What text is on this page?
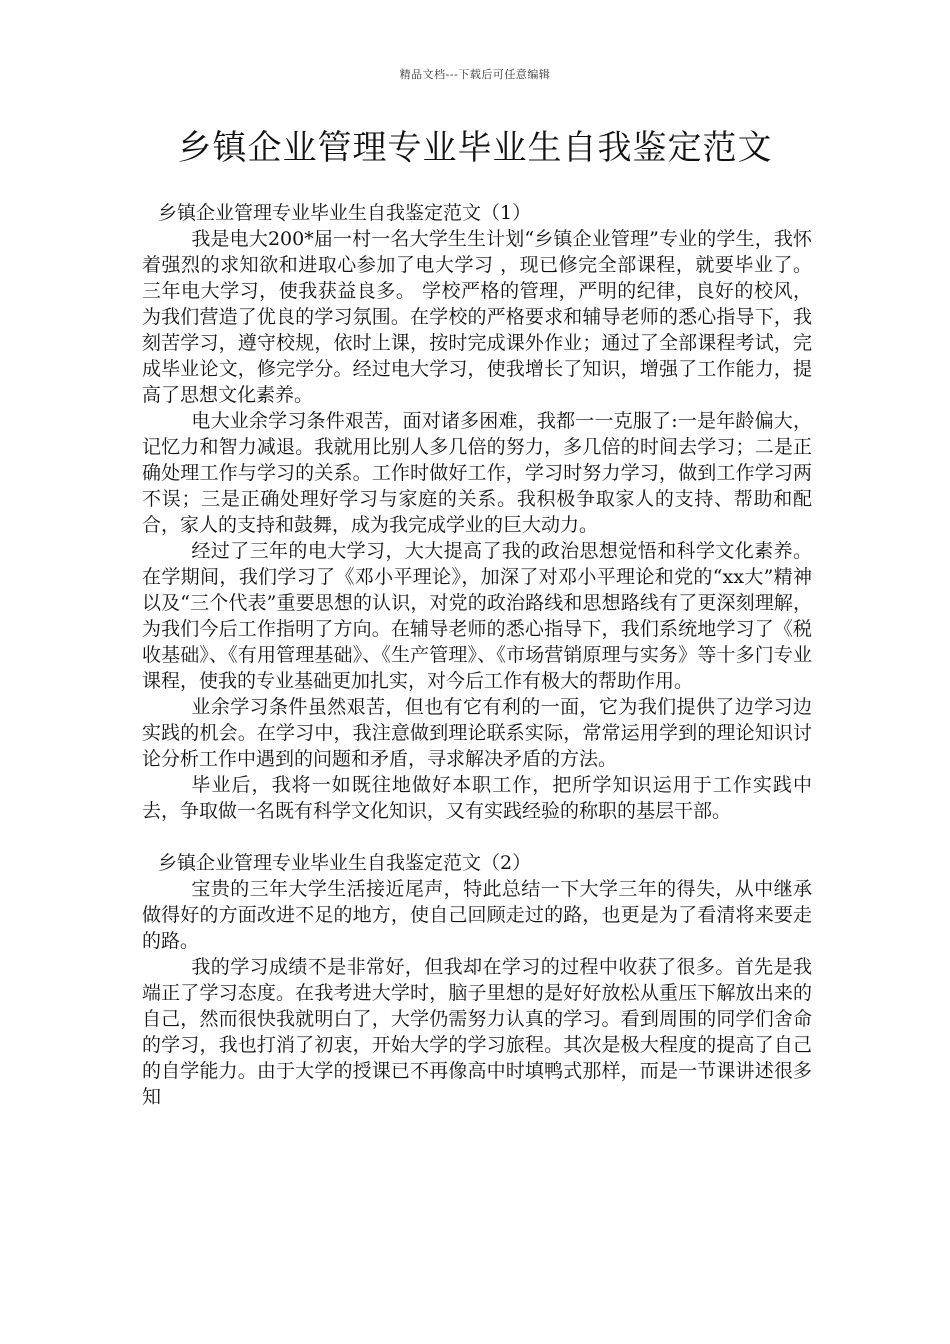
精品文档---下载后可任意编辑
乡镇企业管理专业毕业生自我鉴定范文

乡镇企业管理专业毕业生自我鉴定范文（1）

我是电大200*届一村一名大学生生计划“乡镇企业管理”专业的学生，我怀着强烈的求知欲和进取心参加了电大学习 ，现已修完全部课程，就要毕业了。三年电大学习，使我获益良多。 学校严格的管理，严明的纪律，良好的校风，为我们营造了优良的学习氛围。在学校的严格要求和辅导老师的悉心指导下，我刻苦学习，遵守校规，依时上课，按时完成课外作业；通过了全部课程考试，完成毕业论文，修完学分。经过电大学习，使我增长了知识，增强了工作能力，提高了思想文化素养。

电大业余学习条件艰苦，面对诸多困难，我都一一克服了:一是年龄偏大，记忆力和智力减退。我就用比别人多几倍的努力，多几倍的时间去学习；二是正确处理工作与学习的关系。工作时做好工作，学习时努力学习，做到工作学习两不误；三是正确处理好学习与家庭的关系。我积极争取家人的支持、帮助和配合，家人的支持和鼓舞，成为我完成学业的巨大动力。

经过了三年的电大学习，大大提高了我的政治思想觉悟和科学文化素养。在学期间，我们学习了《邓小平理论》，加深了对邓小平理论和党的“xx大”精神以及“三个代表”重要思想的认识，对党的政治路线和思想路线有了更深刻理解，为我们今后工作指明了方向。在辅导老师的悉心指导下，我们系统地学习了《税收基础》、《有用管理基础》、《生产管理》、《市场营销原理与实务》等十多门专业课程，使我的专业基础更加扎实，对今后工作有极大的帮助作用。

业余学习条件虽然艰苦，但也有它有利的一面，它为我们提供了边学习边实践的机会。在学习中，我注意做到理论联系实际，常常运用学到的理论知识讨论分析工作中遇到的问题和矛盾，寻求解决矛盾的方法。

毕业后，我将一如既往地做好本职工作，把所学知识运用于工作实践中去，争取做一名既有科学文化知识，又有实践经验的称职的基层干部。

乡镇企业管理专业毕业生自我鉴定范文（2）

宝贵的三年大学生活接近尾声，特此总结一下大学三年的得失，从中继承做得好的方面改进不足的地方，使自己回顾走过的路，也更是为了看清将来要走的路。

我的学习成绩不是非常好，但我却在学习的过程中收获了很多。首先是我端正了学习态度。在我考进大学时，脑子里想的是好好放松从重压下解放出来的自己，然而很快我就明白了，大学仍需努力认真的学习。看到周围的同学们舍命的学习，我也打消了初衷，开始大学的学习旅程。其次是极大程度的提高了自己的自学能力。由于大学的授课已不再像高中时填鸭式那样，而是一节课讲述很多知
